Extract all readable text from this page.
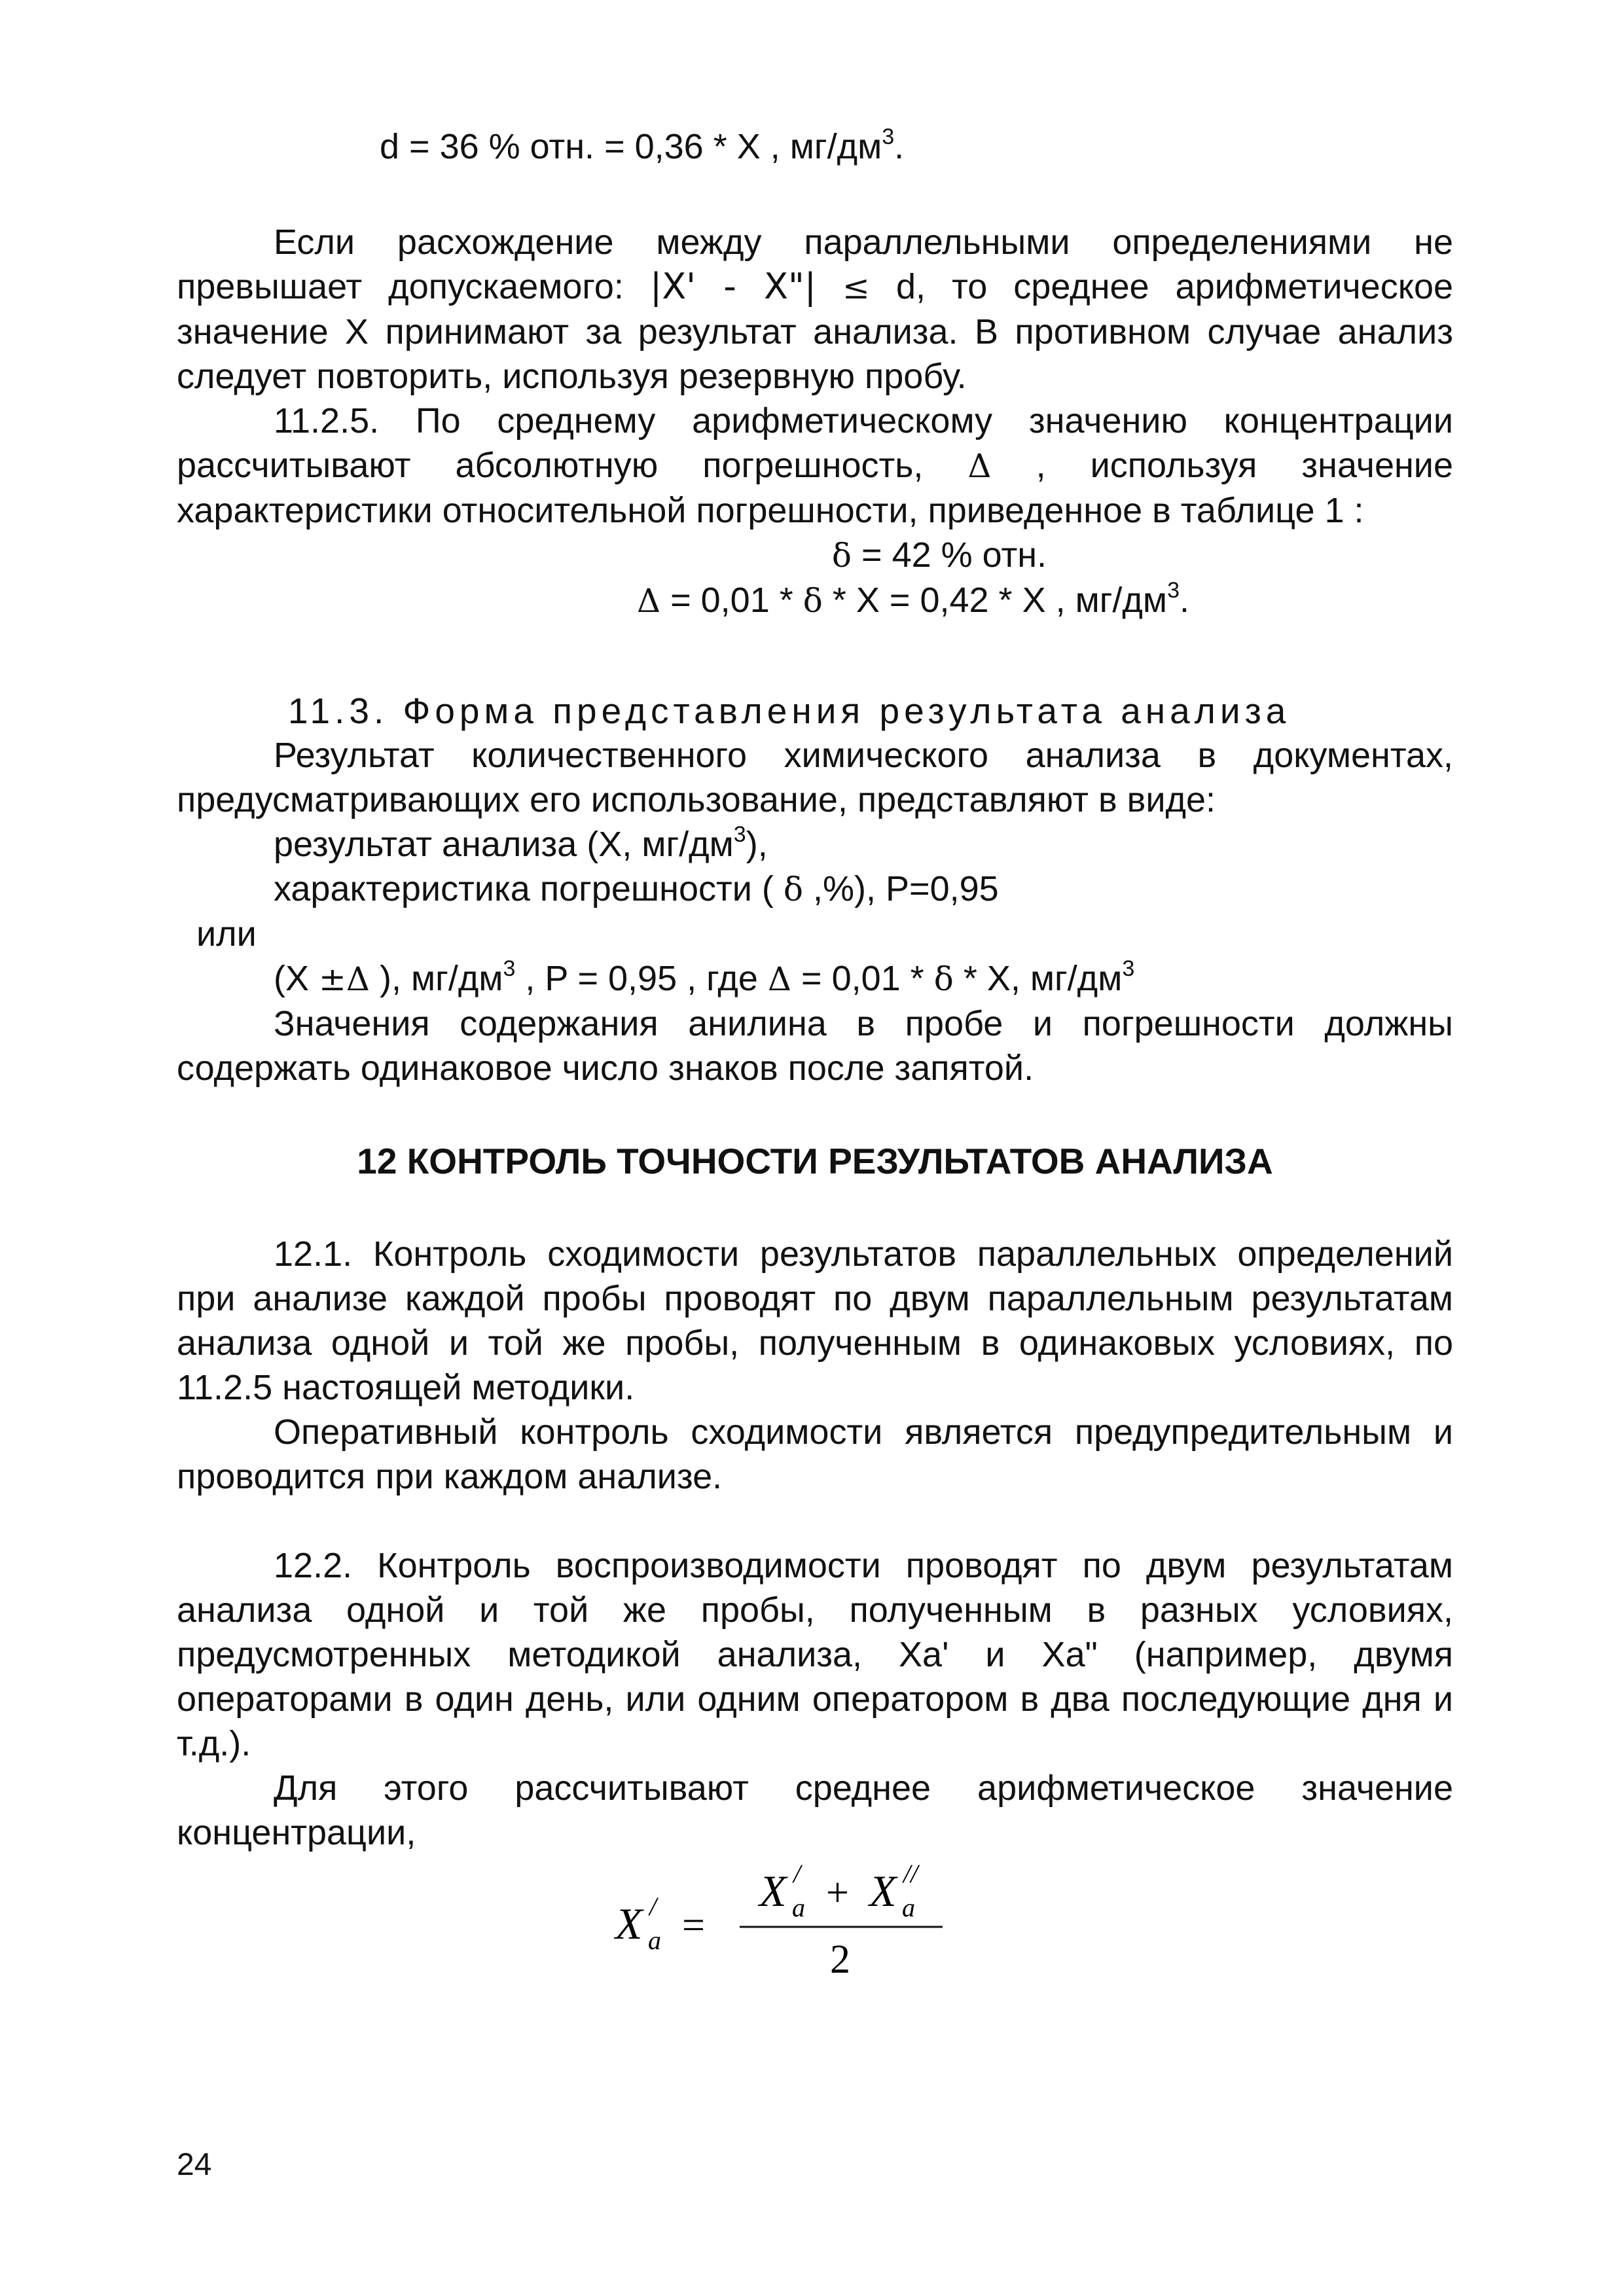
d = 36 % отн. = 0,36 * X , $мг/дм^3$.

Если расхождение между параллельными определениями не превышает допускаемого: |X' - X"| ≤ d, то среднее арифметическое значение X принимают за результат анализа. В противном случае анализ следует повторить, используя резервную пробу.

11.2.5. По среднему арифметическому значению концентрации рассчитывают абсолютную погрешность, Δ , используя значение характеристики относительной погрешности, приведенное в таблице 1 :

δ = 42 % отн.

Δ = 0,01 * δ * X = 0,42 * X , $мг/дм^3$.

11.3. Форма представления результата анализа

Результат количественного химического анализа в документах, предусматривающих его использование, представляют в виде:

результат анализа (X, $мг/дм^3$),

характеристика погрешности ( δ ,%), P=0,95

или

(X ±Δ ), $мг/дм^3$ , P = 0,95 , где Δ = 0,01 * δ * X, $мг/дм^3$

Значения содержания анилина в пробе и погрешности должны содержать одинаковое число знаков после запятой.

12 КОНТРОЛЬ ТОЧНОСТИ РЕЗУЛЬТАТОВ АНАЛИЗА

12.1. Контроль сходимости результатов параллельных определений при анализе каждой пробы проводят по двум параллельным результатам анализа одной и той же пробы, полученным в одинаковых условиях, по 11.2.5 настоящей методики.

Оперативный контроль сходимости является предупредительным и проводится при каждом анализе.

12.2. Контроль воспроизводимости проводят по двум результатам анализа одной и той же пробы, полученным в разных условиях, предусмотренных методикой анализа, Xa' и Xa" (например, двумя операторами в один день, или одним оператором в два последующие дня и т.д.).

Для этого рассчитывают среднее арифметическое значение концентрации,

X /
a =
X /
a + X //
a
2
24
